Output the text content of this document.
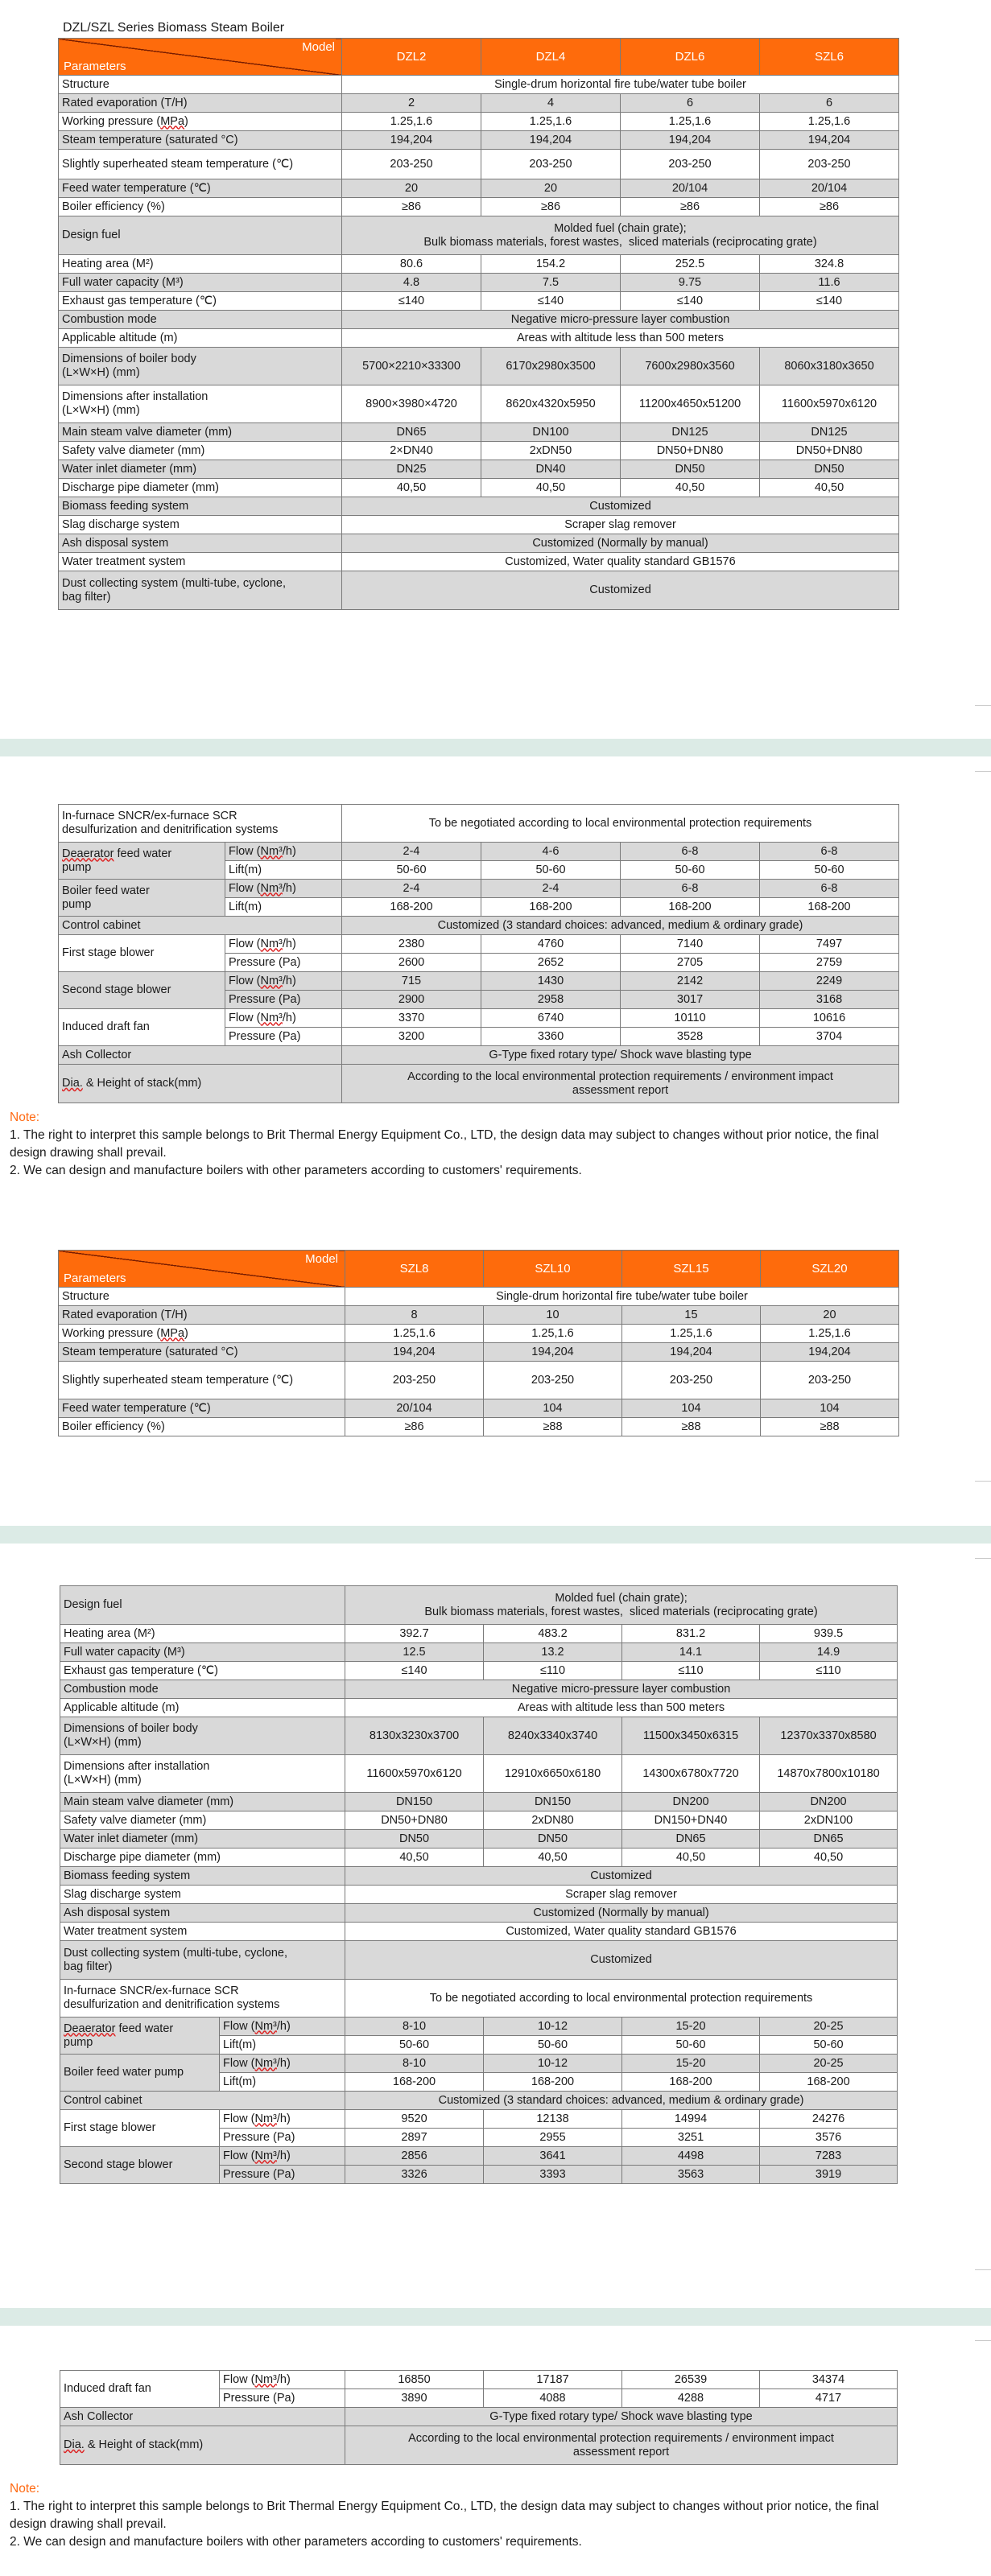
DZL/SZL Series Biomass Steam Boiler
Model
Parameters	DZL2	DZL4	DZL6	SZL6
Structure	Single-drum horizontal fire tube/water tube boiler			
Rated evaporation (T/H)	2	4	6	6
Working pressure (MPa)	1.25,1.6	1.25,1.6	1.25,1.6	1.25,1.6
Steam temperature (saturated °C)	194,204	194,204	194,204	194,204
Slightly superheated steam temperature (℃)	203-250	203-250	203-250	203-250
Feed water temperature (℃)	20	20	20/104	20/104
Boiler efficiency (%)	≥86	≥86	≥86	≥86
Design fuel	Molded fuel (chain grate);
Bulk biomass materials, forest wastes,  sliced materials (reciprocating grate)			

Heating area (M²)	80.6	154.2	252.5	324.8
Full water capacity (M³)	4.8	7.5	9.75	11.6
Exhaust gas temperature (℃)	≤140	≤140	≤140	≤140
Combustion mode	Negative micro-pressure layer combustion			
Applicable altitude (m)	Areas with altitude less than 500 meters			

Dimensions of boiler body
(L×W×H) (mm)	5700×2210×33300	6170x2980x3500	7600x2980x3560	8060x3180x3650

Dimensions after installation
(L×W×H) (mm)	8900×3980×4720	8620x4320x5950	11200x4650x51200	11600x5970x6120
Main steam valve diameter (mm)	DN65	DN100	DN125	DN125
Safety valve diameter (mm)	2×DN40	2xDN50	DN50+DN80	DN50+DN80
Water inlet diameter (mm)	DN25	DN40	DN50	DN50
Discharge pipe diameter (mm)	40,50	40,50	40,50	40,50
Biomass feeding system	Customized			
Slag discharge system	Scraper slag remover			
Ash disposal system	Customized (Normally by manual)			
Water treatment system	Customized, Water quality standard GB1576			

Dust collecting system (multi-tube, cyclone,
bag filter)	Customized			
In-furnace SNCR/ex-furnace SCR
desulfurization and denitrification systems		To be negotiated according to local environmental protection requirements			

Deaerator feed water
pump	Flow (Nm³/h)	2-4	4-6	6-8	6-8
	Lift(m)	50-60	50-60	50-60	50-60

Boiler feed water
pump	Flow (Nm³/h)	2-4	2-4	6-8	6-8
	Lift(m)	168-200	168-200	168-200	168-200
Control cabinet		Customized (3 standard choices: advanced, medium & ordinary grade)			
First stage blower	Flow (Nm³/h)	2380	4760	7140	7497
	Pressure (Pa)	2600	2652	2705	2759
Second stage blower	Flow (Nm³/h)	715	1430	2142	2249
	Pressure (Pa)	2900	2958	3017	3168
Induced draft fan	Flow (Nm³/h)	3370	6740	10110	10616
	Pressure (Pa)	3200	3360	3528	3704
Ash Collector		G-Type fixed rotary type/ Shock wave blasting type			
Dia. & Height of stack(mm)		According to the local environmental protection requirements / environment impact
assessment report			
Note:
1. The right to interpret this sample belongs to Brit Thermal Energy Equipment Co., LTD, the design data may subject to changes without prior notice, the final
design drawing shall prevail.
2. We can design and manufacture boilers with other parameters according to customers' requirements.
Model
Parameters	SZL8	SZL10	SZL15	SZL20
Structure	Single-drum horizontal fire tube/water tube boiler			
Rated evaporation (T/H)	8	10	15	20
Working pressure (MPa)	1.25,1.6	1.25,1.6	1.25,1.6	1.25,1.6
Steam temperature (saturated °C)	194,204	194,204	194,204	194,204
Slightly superheated steam temperature (℃)	203-250	203-250	203-250	203-250
Feed water temperature (℃)	20/104	104	104	104
Boiler efficiency (%)	≥86	≥88	≥88	≥88
Design fuel		Molded fuel (chain grate);
Bulk biomass materials, forest wastes,  sliced materials (reciprocating grate)			

Heating area (M²)		392.7	483.2	831.2	939.5
Full water capacity (M³)		12.5	13.2	14.1	14.9
Exhaust gas temperature (℃)		≤140	≤110	≤110	≤110
Combustion mode		Negative micro-pressure layer combustion			
Applicable altitude (m)		Areas with altitude less than 500 meters			

Dimensions of boiler body
(L×W×H) (mm)		8130x3230x3700	8240x3340x3740	11500x3450x6315	12370x3370x8580

Dimensions after installation
(L×W×H) (mm)		11600x5970x6120	12910x6650x6180	14300x6780x7720	14870x7800x10180
Main steam valve diameter (mm)		DN150	DN150	DN200	DN200
Safety valve diameter (mm)		DN50+DN80	2xDN80	DN150+DN40	2xDN100
Water inlet diameter (mm)		DN50	DN50	DN65	DN65
Discharge pipe diameter (mm)		40,50	40,50	40,50	40,50
Biomass feeding system		Customized			
Slag discharge system		Scraper slag remover			
Ash disposal system		Customized (Normally by manual)			
Water treatment system		Customized, Water quality standard GB1576			

Dust collecting system (multi-tube, cyclone,
bag filter)		Customized			

In-furnace SNCR/ex-furnace SCR
desulfurization and denitrification systems		To be negotiated according to local environmental protection requirements			

Deaerator feed water
pump	Flow (Nm³/h)	8-10	10-12	15-20	20-25
	Lift(m)	50-60	50-60	50-60	50-60
Boiler feed water pump	Flow (Nm³/h)	8-10	10-12	15-20	20-25
	Lift(m)	168-200	168-200	168-200	168-200
Control cabinet		Customized (3 standard choices: advanced, medium & ordinary grade)			
First stage blower	Flow (Nm³/h)	9520	12138	14994	24276
	Pressure (Pa)	2897	2955	3251	3576
Second stage blower	Flow (Nm³/h)	2856	3641	4498	7283
	Pressure (Pa)	3326	3393	3563	3919
Induced draft fan	Flow (Nm³/h)	16850	17187	26539	34374
	Pressure (Pa)	3890	4088	4288	4717
Ash Collector		G-Type fixed rotary type/ Shock wave blasting type			
Dia. & Height of stack(mm)		According to the local environmental protection requirements / environment impact
assessment report			
Note:
1. The right to interpret this sample belongs to Brit Thermal Energy Equipment Co., LTD, the design data may subject to changes without prior notice, the final
design drawing shall prevail.
2. We can design and manufacture boilers with other parameters according to customers' requirements.
